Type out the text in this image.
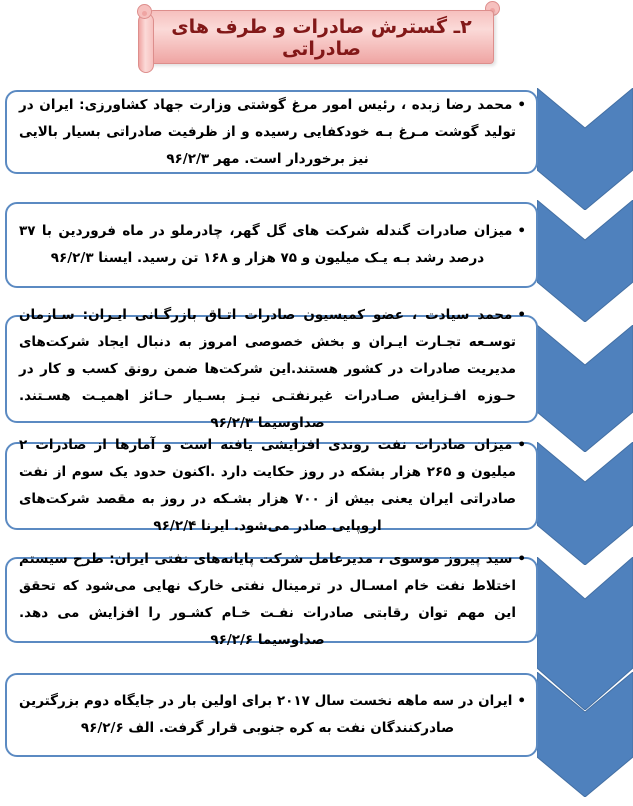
۲ـ گسترش صادرات و طرف های صادراتی

•محمد رضا زبده ، رئیس امور مرغ گوشتی وزارت جهاد کشاورزی: ایران در تولید گوشت مـرغ بـه خودکفایی رسیده و از ظرفیت صادراتی بسیار بالایی نیز برخوردار است. مهر ۹۶/۲/۳

•میزان صادرات گندله شرکت های گل گهر، چادرملو در ماه فروردین با ۳۷ درصد رشد بـه یـک میلیون و ۷۵ هزار و ۱۶۸ تن رسید. ایسنا ۹۶/۲/۳

•محمد سیادت ، عضو کمیسیون صادرات اتـاق بازرگـانی ایـران: سـازمان توسـعه تجـارت ایـران و بخش خصوصی امروز به دنبال ایجاد شرکت‌های مدیریت صادرات در کشور هستند.این شرکت‌ها ضمن رونق کسب و کار در حـوزه افـزایش صـادرات غیرنفتـی نیـز بسـیار حـائز اهمیـت هسـتند. صداوسیما ۹۶/۲/۳

•میزان صادرات نفت روندی افزایشی یافته است و آمارها از صادرات ۲ میلیون و ۲۶۵ هزار بشکه در روز حکایت دارد .اکنون حدود یک سوم از نفت صادراتی ایران یعنی بیش از ۷۰۰ هزار بشـکه در روز به مقصد شرکت‌های اروپایی صادر می‌شود. ایرنا ۹۶/۲/۴

•سید پیروز موسوی ، مدیرعامل شرکت پایانه‌های نفتی ایران: طرح سیستم اختلاط نفت خام امسـال در ترمینال نفتی خارک نهایی می‌شود که تحقق این مهم توان رقابتی صادرات نفـت خـام کشـور را افزایش می دهد. صداوسیما ۹۶/۲/۶

•ایران در سه ماهه نخست سال ۲۰۱۷ برای اولین بار در جایگاه دوم بزرگترین صادرکنندگان نفت به کره جنوبی قرار گرفت. الف ۹۶/۲/۶
